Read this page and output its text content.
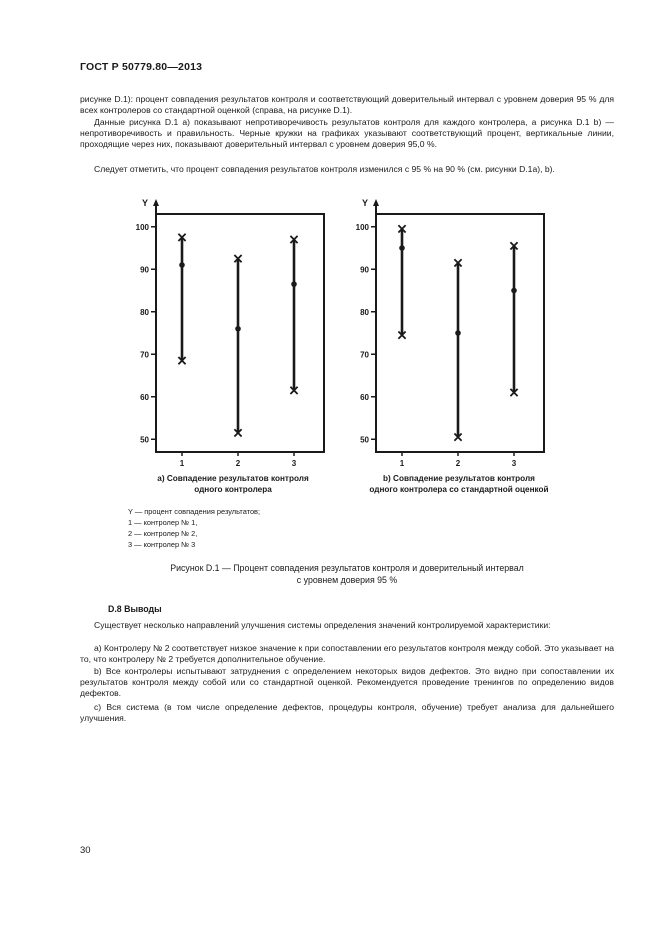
ГОСТ Р 50779.80—2013

рисунке D.1): процент совпадения результатов контроля и соответствующий доверительный интервал с уровнем доверия 95 % для всех контролеров со стандартной оценкой (справа, на рисунке D.1).

Данные рисунка D.1 a) показывают непротиворечивость результатов контроля для каждого контролера, а рисунка D.1 b) — непротиворечивость и правильность. Черные кружки на графиках указывают соответствующий процент, вертикальные линии, проходящие через них, показывают доверительный интервал с уровнем доверия 95,0 %.

Следует отметить, что процент совпадения результатов контроля изменился с 95 % на 90 % (см. рисунки D.1a), b).

Y
50
60
70
80
90
100
1	2	3
Y
50
60
70
80
90
100
1	2	3
а) Совпадение результатов контроля
одного контролера
b) Совпадение результатов контроля
одного контролера со стандартной оценкой
Y — процент совпадения результатов;
1 — контролер № 1,
2 — контролер № 2,
3 — контролер № 3
Рисунок D.1 — Процент совпадения результатов контроля и доверительный интервал
с уровнем доверия 95 %
D.8 Выводы

Существует несколько направлений улучшения системы определения значений контролируемой характеристики:

a) Контролеру № 2 соответствует низкое значение к при сопоставлении его результатов контроля между собой. Это указывает на то, что контролеру № 2 требуется дополнительное обучение.

b) Все контролеры испытывают затруднения с определением некоторых видов дефектов. Это видно при сопоставлении их результатов контроля между собой или со стандартной оценкой. Рекомендуется проведение тренингов по определению видов дефектов.

c) Вся система (в том числе определение дефектов, процедуры контроля, обучение) требует анализа для дальнейшего улучшения.

30
